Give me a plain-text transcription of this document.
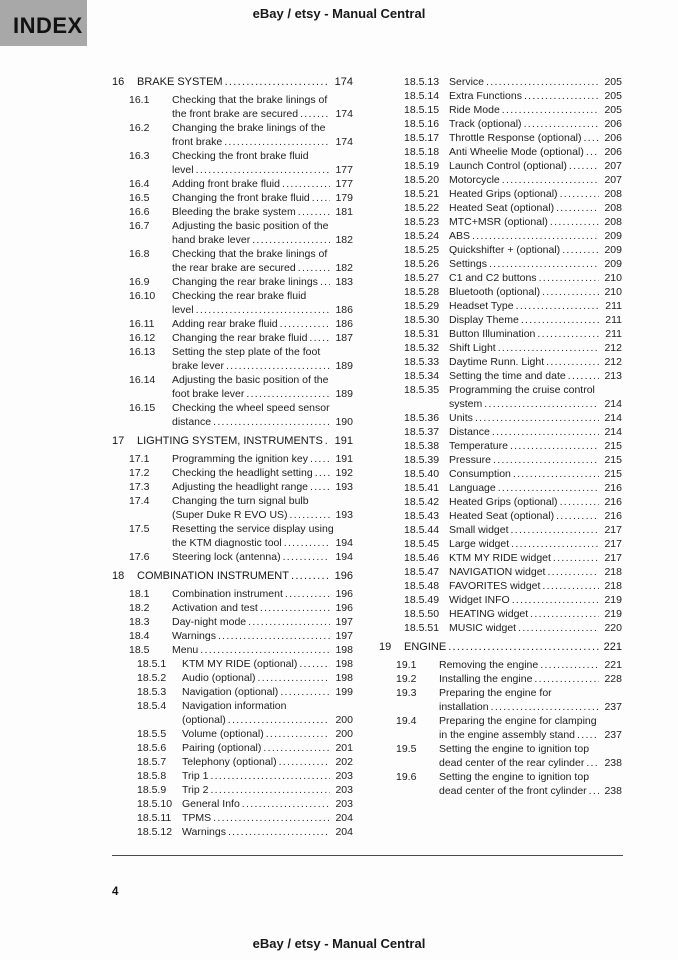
INDEX	eBay / etsy - Manual Central
16	BRAKE SYSTEM .....	174
16.1	Checking that the brake linings of
the front brake are secured .....	174
16.2	Changing the brake linings of the
front brake .....	174
16.3	Checking the front brake fluid
level .....	177
16.4	Adding front brake fluid .....	177
16.5	Changing the front brake fluid ..... 179
16.6	Bleeding the brake system .....	181
16.7	Adjusting the basic position of the
hand brake lever .....	182
16.8	Checking that the brake linings of
the rear brake are secured .....	182
16.9	Changing the rear brake linings ..... 183
16.10	Checking the rear brake fluid
level .....	186
16.11	Adding rear brake fluid .....	186
16.12	Changing the rear brake fluid .....	187
16.13	Setting the step plate of the foot
brake lever .....	189
16.14	Adjusting the basic position of the
foot brake lever .....	189
16.15	Checking the wheel speed sensor
distance .....	190
17	LIGHTING SYSTEM, INSTRUMENTS ..... 191
17.1	Programming the ignition key .....	191
17.2	Checking the headlight setting ..... 192
17.3	Adjusting the headlight range .....	193
17.4	Changing the turn signal bulb
(Super Duke R EVO US) .....	193
17.5	Resetting the service display using
the KTM diagnostic tool .....	194
17.6	Steering lock (antenna) .....	194
18	COMBINATION INSTRUMENT .....	196
18.1	Combination instrument .....	196
18.2	Activation and test .....	196
18.3	Day-night mode .....	197
18.4	Warnings .....	197
18.5	Menu .....	198
18.5.1	KTM MY RIDE (optional) .....	198
18.5.2	Audio (optional) .....	198
18.5.3	Navigation (optional) .....	199
18.5.4	Navigation information
(optional) .....	200
18.5.5	Volume (optional) .....	200
18.5.6	Pairing (optional) .....	201
18.5.7	Telephony (optional) .....	202
18.5.8	Trip 1 .....	203
18.5.9	Trip 2 .....	203
18.5.10 General Info .....	203
18.5.11	TPMS .....	204
18.5.12 Warnings .....	204
18.5.13 Service .....	205
18.5.14 Extra Functions .....	205
18.5.15 Ride Mode .....	205
18.5.16 Track (optional) .....	206
18.5.17 Throttle Response (optional) ..... 206
18.5.18 Anti Wheelie Mode (optional) ..... 206
18.5.19 Launch Control (optional) .....	207
18.5.20 Motorcycle .....	207
18.5.21 Heated Grips (optional) .....	208
18.5.22 Heated Seat (optional) .....	208
18.5.23 MTC+MSR (optional) .....	208
18.5.24 ABS .....	209
18.5.25 Quickshifter + (optional) .....	209
18.5.26 Settings .....	209
18.5.27 C1 and C2 buttons .....	210
18.5.28 Bluetooth (optional) .....	210
18.5.29 Headset Type .....	211
18.5.30 Display Theme .....	211
18.5.31 Button Illumination .....	211
18.5.32 Shift Light .....	212
18.5.33 Daytime Runn. Light .....	212
18.5.34 Setting the time and date .....	213
18.5.35 Programming the cruise control
system .....	214
18.5.36 Units .....	214
18.5.37 Distance .....	214
18.5.38 Temperature .....	215
18.5.39 Pressure .....	215
18.5.40 Consumption .....	215
18.5.41 Language .....	216
18.5.42 Heated Grips (optional) .....	216
18.5.43 Heated Seat (optional) .....	216
18.5.44 Small widget .....	217
18.5.45 Large widget .....	217
18.5.46 KTM MY RIDE widget .....	217
18.5.47 NAVIGATION widget .....	218
18.5.48 FAVORITES widget .....	218
18.5.49 Widget INFO .....	219
18.5.50 HEATING widget .....	219
18.5.51 MUSIC widget .....	220
19	ENGINE .....	221
19.1	Removing the engine .....	221
19.2	Installing the engine .....	228
19.3	Preparing the engine for
installation .....	237
19.4	Preparing the engine for clamping
in the engine assembly stand .....	237
19.5	Setting the engine to ignition top
dead center of the rear cylinder ..... 238
19.6	Setting the engine to ignition top
dead center of the front cylinder ..... 238
4
eBay / etsy - Manual Central
